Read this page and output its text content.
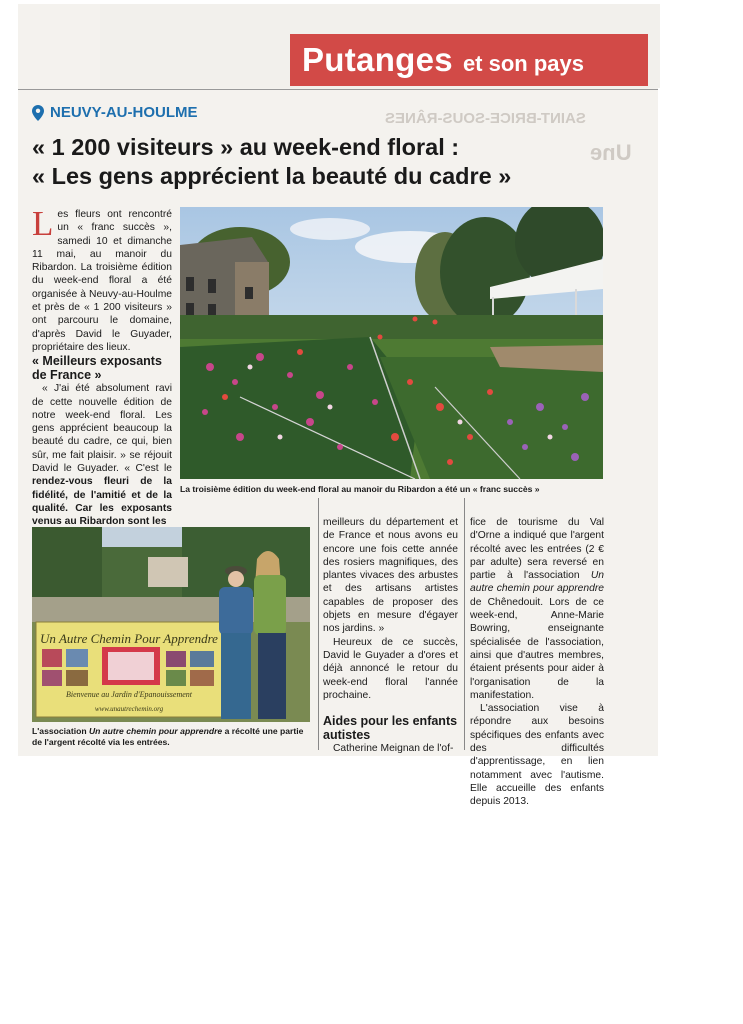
Putanges et son pays
SAINT-BRICE-SOUS-RÂNES
Une
NEUVY-AU-HOULME
« 1 200 visiteurs » au week-end floral :
« Les gens apprécient la beauté du cadre »

Les fleurs ont rencontré un « franc succès », samedi 10 et dimanche 11 mai, au manoir du Ribardon. La troisième édition du week-end floral a été organisée à Neuvy-au-Houlme et près de « 1 200 visiteurs » ont parcouru le domaine, d'après David le Guyader, propriétaire des lieux.

« Meilleurs exposants de France »

« J'ai été absolument ravi de cette nouvelle édition de notre week-end floral. Les gens apprécient beaucoup la beauté du cadre, ce qui, bien sûr, me fait plaisir. » se réjouit David le Guyader. « C'est le rendez-vous fleuri de la fidélité, de l'amitié et de la qualité. Car les exposants venus au Ribardon sont les

La troisième édition du week-end floral au manoir du Ribardon a été un « franc succès »

meilleurs du département et de France et nous avons eu encore une fois cette année des rosiers magnifiques, des plantes vivaces des arbustes et des artisans artistes capables de proposer des objets en mesure d'égayer nos jardins. »

Heureux de ce succès, David le Guyader a d'ores et déjà annoncé le retour du week-end floral l'année prochaine.

Aides pour les enfants autistes

Catherine Meignan de l'of-

fice de tourisme du Val d'Orne a indiqué que l'argent récolté avec les entrées (2 € par adulte) sera reversé en partie à l'association Un autre chemin pour apprendre de Chênedouit. Lors de ce week-end, Anne-Marie Bowring, enseignante spécialisée de l'association, ainsi que d'autres membres, étaient présents pour aider à l'organisation de la manifestation.

L'association vise à répondre aux besoins spécifiques des enfants avec des difficultés d'apprentissage, en lien notamment avec l'autisme. Elle accueille des enfants depuis 2013.

Un Autre Chemin Pour Apprendre
Bienvenue au Jardin d'Epanouissement
www.unautrechemin.org
L'association Un autre chemin pour apprendre a récolté une partie de l'argent récolté via les entrées.
